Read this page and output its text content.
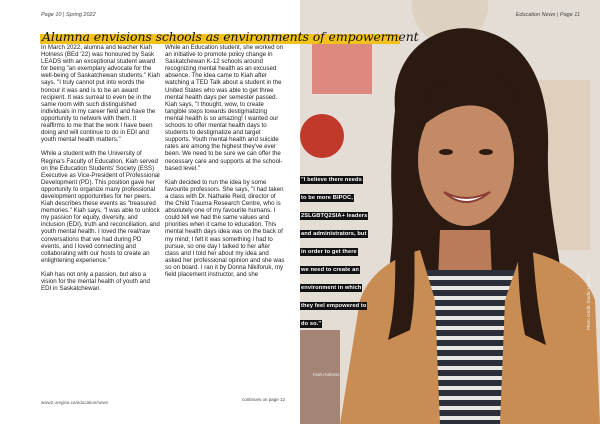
Page 10 | Spring 2022	Education News | Page 11
Alumna envisions schools as environments of empowerment

In March 2022, alumna and teacher Kiah Holness (BEd '22) was honoured by Sask LEADS with an exceptional student award for being "an exemplary advocate for the well-being of Saskatchewan students." Kiah says, "I truly cannot put into words the honour it was and is to be an award recipient. It was surreal to even be in the same room with such distinguished individuals in my career field and have the opportunity to network with them. It reaffirms to me that the work I have been doing and will continue to do in EDI and youth mental health matters."

While a student with the University of Regina's Faculty of Education, Kiah served on the Education Students' Society (ESS) Executive as Vice-President of Professional Development (PD). This position gave her opportunity to organize many professional development opportunities for her peers. Kiah describes these events as "treasured memories." Kiah says, "I was able to unlock my passion for equity, diversity, and inclusion (EDI), truth and reconciliation, and youth mental health. I loved the real/raw conversations that we had during PD events, and I loved connecting and collaborating with our hosts to create an enlightening experience."

Kiah has not only a passion, but also a vision for the mental health of youth and EDI in Saskatchewan.

While an Education student, she worked on an initiative to promote policy change in Saskatchewan K-12 schools around recognizing mental health as an excused absence. The idea came to Kiah after watching a TED Talk about a student in the United States who was able to get three mental health days per semester passed. Kiah says, "I thought, wow, to create tangible steps towards destigmatizing mental health is so amazing! I wanted our schools to offer mental health days to students to destigmatize and target supports. Youth mental health and suicide rates are among the highest they've ever been. We need to be sure we can offer the necessary care and supports at the school-based level."

Kiah decided to run the idea by some favourite professors. She says, "I had taken a class with Dr. Nathalie Reid, director of the Child Trauma Research Centre, who is absolutely one of my favourite humans. I could tell we had the same values and priorities when it came to education. This mental health days idea was on the back of my mind; I felt it was something I had to pursue, so one day I talked to her after class and I told her about my idea and asked her professional opinion and she was so on board. I ran it by Donna Nikiforuk, my field placement instructor, and she

www2.uregina.ca/education/news
continues on page 12
"I believe there needs
to be more BIPOC,
2SLGBTQ2SIA+ leaders
and administrators, but
in order to get there
we need to create an
environment in which
they feel empowered to
do so."
Kiah Holness
Photo credit: Studio Hosmer
